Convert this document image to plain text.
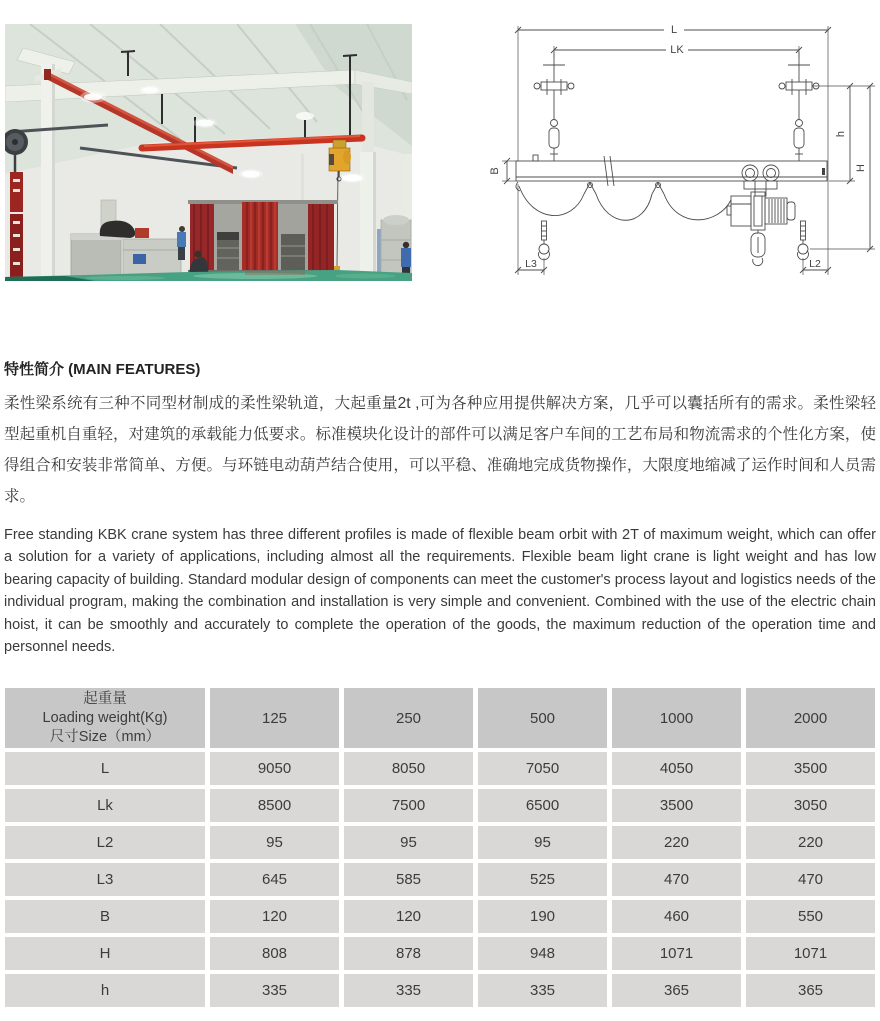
L
LK
B
h
H
L3	L2
特性简介 (MAIN FEATURES)

柔性梁系统有三种不同型材制成的柔性梁轨道，大起重量2t ,可为各种应用提供解决方案，几乎可以囊括所有的需求。柔性梁轻型起重机自重轻，对建筑的承载能力低要求。标准模块化设计的部件可以满足客户车间的工艺布局和物流需求的个性化方案，使得组合和安装非常简单、方便。与环链电动葫芦结合使用，可以平稳、准确地完成货物操作，大限度地缩减了运作时间和人员需求。

Free standing KBK crane system has three different profiles is made of flexible beam orbit with 2T of maximum weight, which can offer a solution for a variety of applications, including almost all the requirements. Flexible beam light crane is light weight and has low bearing capacity of building. Standard modular design of components can meet the customer's process layout and logistics needs of the individual program, making the combination and installation is very simple and convenient. Combined with the use of the electric chain hoist, it can be smoothly and accurately to complete the operation of the goods, the maximum reduction of the operation time and personnel needs.

起重量
Loading weight(Kg)
尺寸Size（mm）	125	250	500	1000	2000
L	9050	8050	7050	4050	3500
Lk	8500	7500	6500	3500	3050
L2	95	95	95	220	220
L3	645	585	525	470	470
B	120	120	190	460	550
H	808	878	948	1071	1071
h	335	335	335	365	365
